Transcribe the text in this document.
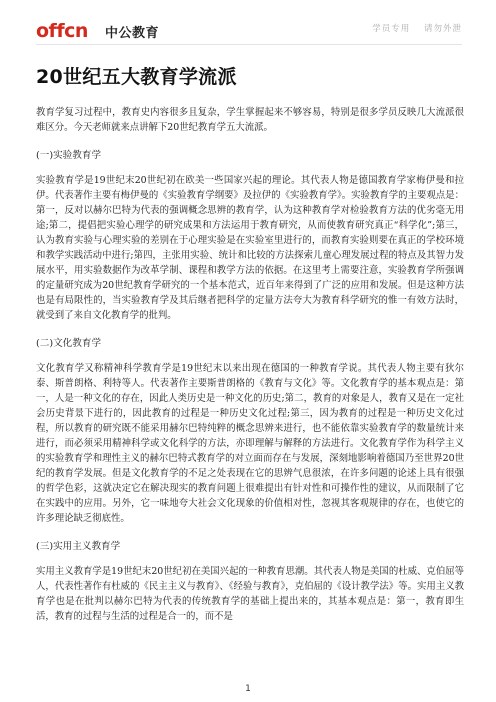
offcn 中公教育	学员专用 请勿外泄
20世纪五大教育学流派

教育学复习过程中，教育史内容很多且复杂，学生掌握起来不够容易，特别是很多学员反映几大流派很难区分。今天老师就来点讲解下20世纪教育学五大流派。

(一)实验教育学

实验教育学是19世纪末20世纪初在欧美一些国家兴起的理论。其代表人物是德国教育学家梅伊曼和拉伊。代表著作主要有梅伊曼的《实验教育学纲要》及拉伊的《实验教育学》。实验教育学的主要观点是：第一，反对以赫尔巴特为代表的强调概念思辨的教育学，认为这种教育学对检验教育方法的优劣毫无用途;第二，提倡把实验心理学的研究成果和方法运用于教育研究，从而使教育研究真正“科学化”;第三，认为教育实验与心理实验的差别在于心理实验是在实验室里进行的，而教育实验则要在真正的学校环境和教学实践活动中进行;第四，主张用实验、统计和比较的方法探索儿童心理发展过程的特点及其智力发展水平，用实验数据作为改革学制、课程和教学方法的依据。在这里考上需要注意，实验教育学所强调的定量研究成为20世纪教育学研究的一个基本范式，近百年来得到了广泛的应用和发展。但是这种方法也是有局限性的，当实验教育学及其后继者把科学的定量方法夸大为教育科学研究的惟一有效方法时，就受到了来自文化教育学的批判。

(二)文化教育学

文化教育学又称精神科学教育学是19世纪末以来出现在德国的一种教育学说。其代表人物主要有狄尔泰、斯普朗格、利特等人。代表著作主要斯普朗格的《教育与文化》等。文化教育学的基本观点是：第一，人是一种文化的存在，因此人类历史是一种文化的历史;第二，教育的对象是人，教育又是在一定社会历史背景下进行的，因此教育的过程是一种历史文化过程;第三，因为教育的过程是一种历史文化过程，所以教育的研究既不能采用赫尔巴特纯粹的概念思辨来进行，也不能依靠实验教育学的数量统计来进行，而必须采用精神科学或文化科学的方法，亦即理解与解释的方法进行。文化教育学作为科学主义的实验教育学和理性主义的赫尔巴特式教育学的对立面而存在与发展，深刻地影响着德国乃至世界20世纪的教育学发展。但是文化教育学的不足之处表现在它的思辨气息很浓，在许多问题的论述上具有很强的哲学色彩，这就决定它在解决现实的教育问题上很难提出有针对性和可操作性的建议，从而限制了它在实践中的应用。另外，它一味地夸大社会文化现象的价值相对性，忽视其客观规律的存在，也使它的许多理论缺乏彻底性。

(三)实用主义教育学

实用主义教育学是19世纪末20世纪初在美国兴起的一种教育思潮。其代表人物是美国的杜威、克伯屈等人，代表性著作有杜威的《民主主义与教育》、《经验与教育》，克伯屈的《设计教学法》等。实用主义教育学也是在批判以赫尔巴特为代表的传统教育学的基础上提出来的，其基本观点是：第一，教育即生活，教育的过程与生活的过程是合一的，而不是

1
